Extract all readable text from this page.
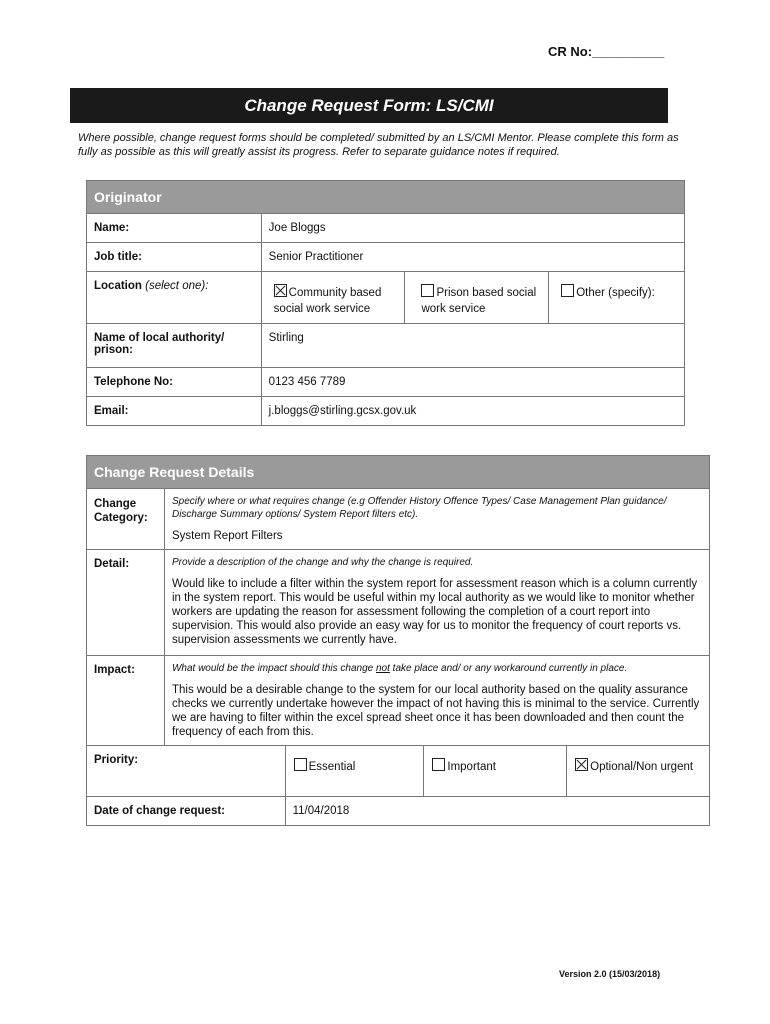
CR No:__________
Change Request Form: LS/CMI
Where possible, change request forms should be completed/ submitted by an LS/CMI Mentor. Please complete this form as fully as possible as this will greatly assist its progress. Refer to separate guidance notes if required.
Originator			
Name:	Joe Bloggs		
Job title:	Senior Practitioner		
Location (select one):	Community based social work service	Prison based social work service	Other (specify):
Name of local authority/ prison:	Stirling		
Telephone No:	0123 456 7789		
Email:	j.bloggs@stirling.gcsx.gov.uk		
Change Request Details				
Change Category:	Specify where or what requires change (e.g Offender History Offence Types/ Case Management Plan guidance/ Discharge Summary options/ System Report filters etc).
System Report Filters			

Detail:	Provide a description of the change and why the change is required.
Would like to include a filter within the system report for assessment reason which is a column currently in the system report. This would be useful within my local authority as we would like to monitor whether workers are updating the reason for assessment following the completion of a court report into supervision. This would also provide an easy way for us to monitor the frequency of court reports vs. supervision assessments we currently have.			

Impact:	What would be the impact should this change not take place and/ or any workaround currently in place.
This would be a desirable change to the system for our local authority based on the quality assurance checks we currently undertake however the impact of not having this is minimal to the service. Currently we are having to filter within the excel spread sheet once it has been downloaded and then count the frequency of each from this.			

Priority:		Essential	Important	Optional/Non urgent
Date of change request:		11/04/2018		
Version 2.0 (15/03/2018)
